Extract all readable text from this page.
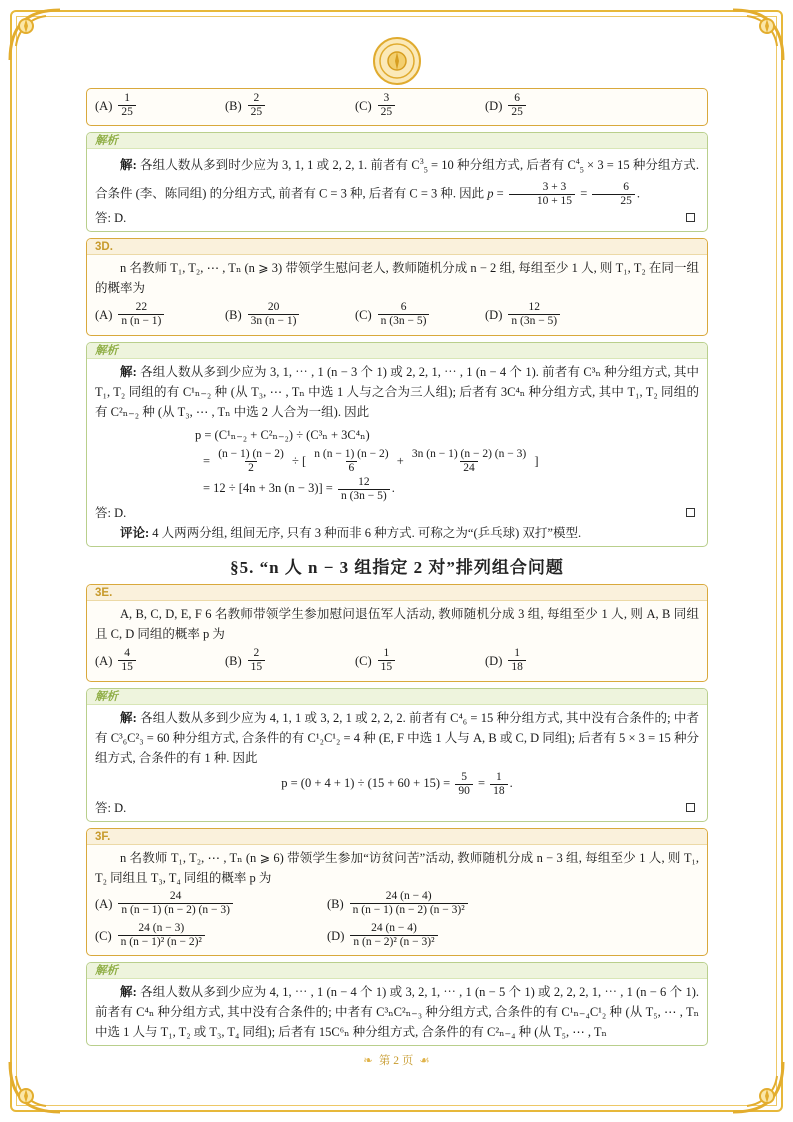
$(A) \frac{1}{25}$	$(B) \frac{2}{25}$	$(C) \frac{3}{25}$	$(D) \frac{6}{25}$
解析
解: 各组人数从多到时少应为 3, 1, 1 或 2, 2, 1. 前者有 $C^3_5 = 10$ 种分组方式, 后者有 $C^4_5 \times 3 = 15$ 种分组方式. 合条件 (李、陈同组) 的分组方式, 前者有 C = 3 种, 后者有 C = 3 种. 因此 $p = \frac{3 + 3}{10 + 15} = \frac{6}{25}$ .
答: D.
3D.
n 名教师 T₁, T₂, ⋯ , Tₙ (n ⩾ 3) 带领学生慰问老人, 教师随机分成 n − 2 组, 每组至少 1 人, 则 T₁, T₂ 在同一组的概率为
$(A) \frac{22}{n (n - 1)}$	$(B) \frac{20}{3n (n - 1)}$	$(C) \frac{6}{n (3n - 5)}$	$(D) \frac{12}{n (3n - 5)}$
解析
解: 各组人数从多到少应为 3, 1, ⋯ , 1 (n − 3 个 1) 或 2, 2, 1, ⋯ , 1 (n − 4 个 1). 前者有 C³ₙ 种分组方式, 其中 T₁, T₂ 同组的有 C¹ₙ₋₂ 种 (从 T₃, ⋯ , Tₙ 中选 1 人与之合为三人组); 后者有 3C⁴ₙ 种分组方式, 其中 T₁, T₂ 同组的有 C²ₙ₋₂ 种 (从 T₃, ⋯ , Tₙ 中选 2 人合为一组). 因此
p = (C¹ₙ₋₂ + C²ₙ₋₂) ÷ (C³ₙ + 3C⁴ₙ)
= $\frac{(n - 1) (n - 2)}{2}$ ÷ [ $\frac{n (n - 1) (n - 2)}{6} + \frac{3n (n - 1) (n - 2) (n - 3)}{24}$ ]
= 12 ÷ [4n + 3n $(n - 3)] = \frac{12}{n (3n - 5)}$ .
答: D.
评论: 4 人两两分组, 组间无序, 只有 3 种而非 6 种方式. 可称之为“(乒乓球) 双打”模型.
§5. “n 人 n − 3 组指定 2 对”排列组合问题
3E.
A, B, C, D, E, F 6 名教师带领学生参加慰问退伍军人活动, 教师随机分成 3 组, 每组至少 1 人, 则 A, B 同组且 C, D 同组的概率 p 为
$(A) \frac{4}{15}$	$(B) \frac{2}{15}$	$(C) \frac{1}{15}$	$(D) \frac{1}{18}$
解析
解: 各组人数从多到少应为 4, 1, 1 或 3, 2, 1 或 2, 2, 2. 前者有 C⁴₆ = 15 种分组方式, 其中没有合条件的; 中者有 C³₆C²₃ = 60 种分组方式, 合条件的有 C¹₂C¹₂ = 4 种 (E, F 中选 1 人与 A, B 或 C, D 同组); 后者有 5 × 3 = 15 种分组方式, 合条件的有 1 种. 因此
$p = (0 + 4 + 1) \div (15 + 60 + 15) = \frac{5}{90} = \frac{1}{18}$ .
答: D.
3F.
n 名教师 T₁, T₂, ⋯ , Tₙ (n ⩾ 6) 带领学生参加“访贫问苦”活动, 教师随机分成 n − 3 组, 每组至少 1 人, 则 T₁, T₂ 同组且 T₃, T₄ 同组的概率 p 为
$(A) \frac{24}{n (n - 1) (n - 2) (n - 3)}$	$(B) \frac{24 (n - 4)}{\text{n (n − 1) (n − 2) (n − 3)²}}$
$(C) \frac{24 (n - 3)}{\text{n (n − 1)² (n − 2)²}}$	$(D) \frac{24 (n - 4)}{\text{n (n − 2)² (n − 3)²}}$
解析
解: 各组人数从多到少应为 4, 1, ⋯ , 1 (n − 4 个 1) 或 3, 2, 1, ⋯ , 1 (n − 5 个 1) 或 2, 2, 2, 1, ⋯ , 1 (n − 6 个 1). 前者有 C⁴ₙ 种分组方式, 其中没有合条件的; 中者有 C³ₙC²ₙ₋₃ 种分组方式, 合条件的有 C¹ₙ₋₄C¹₂ 种 (从 T₅, ⋯ , Tₙ 中选 1 人与 T₁, T₂ 或 T₃, T₄ 同组); 后者有 15C⁶ₙ 种分组方式, 合条件的有 C²ₙ₋₄ 种 (从 T₅, ⋯ , Tₙ
❧ 第 2 页 ☙
